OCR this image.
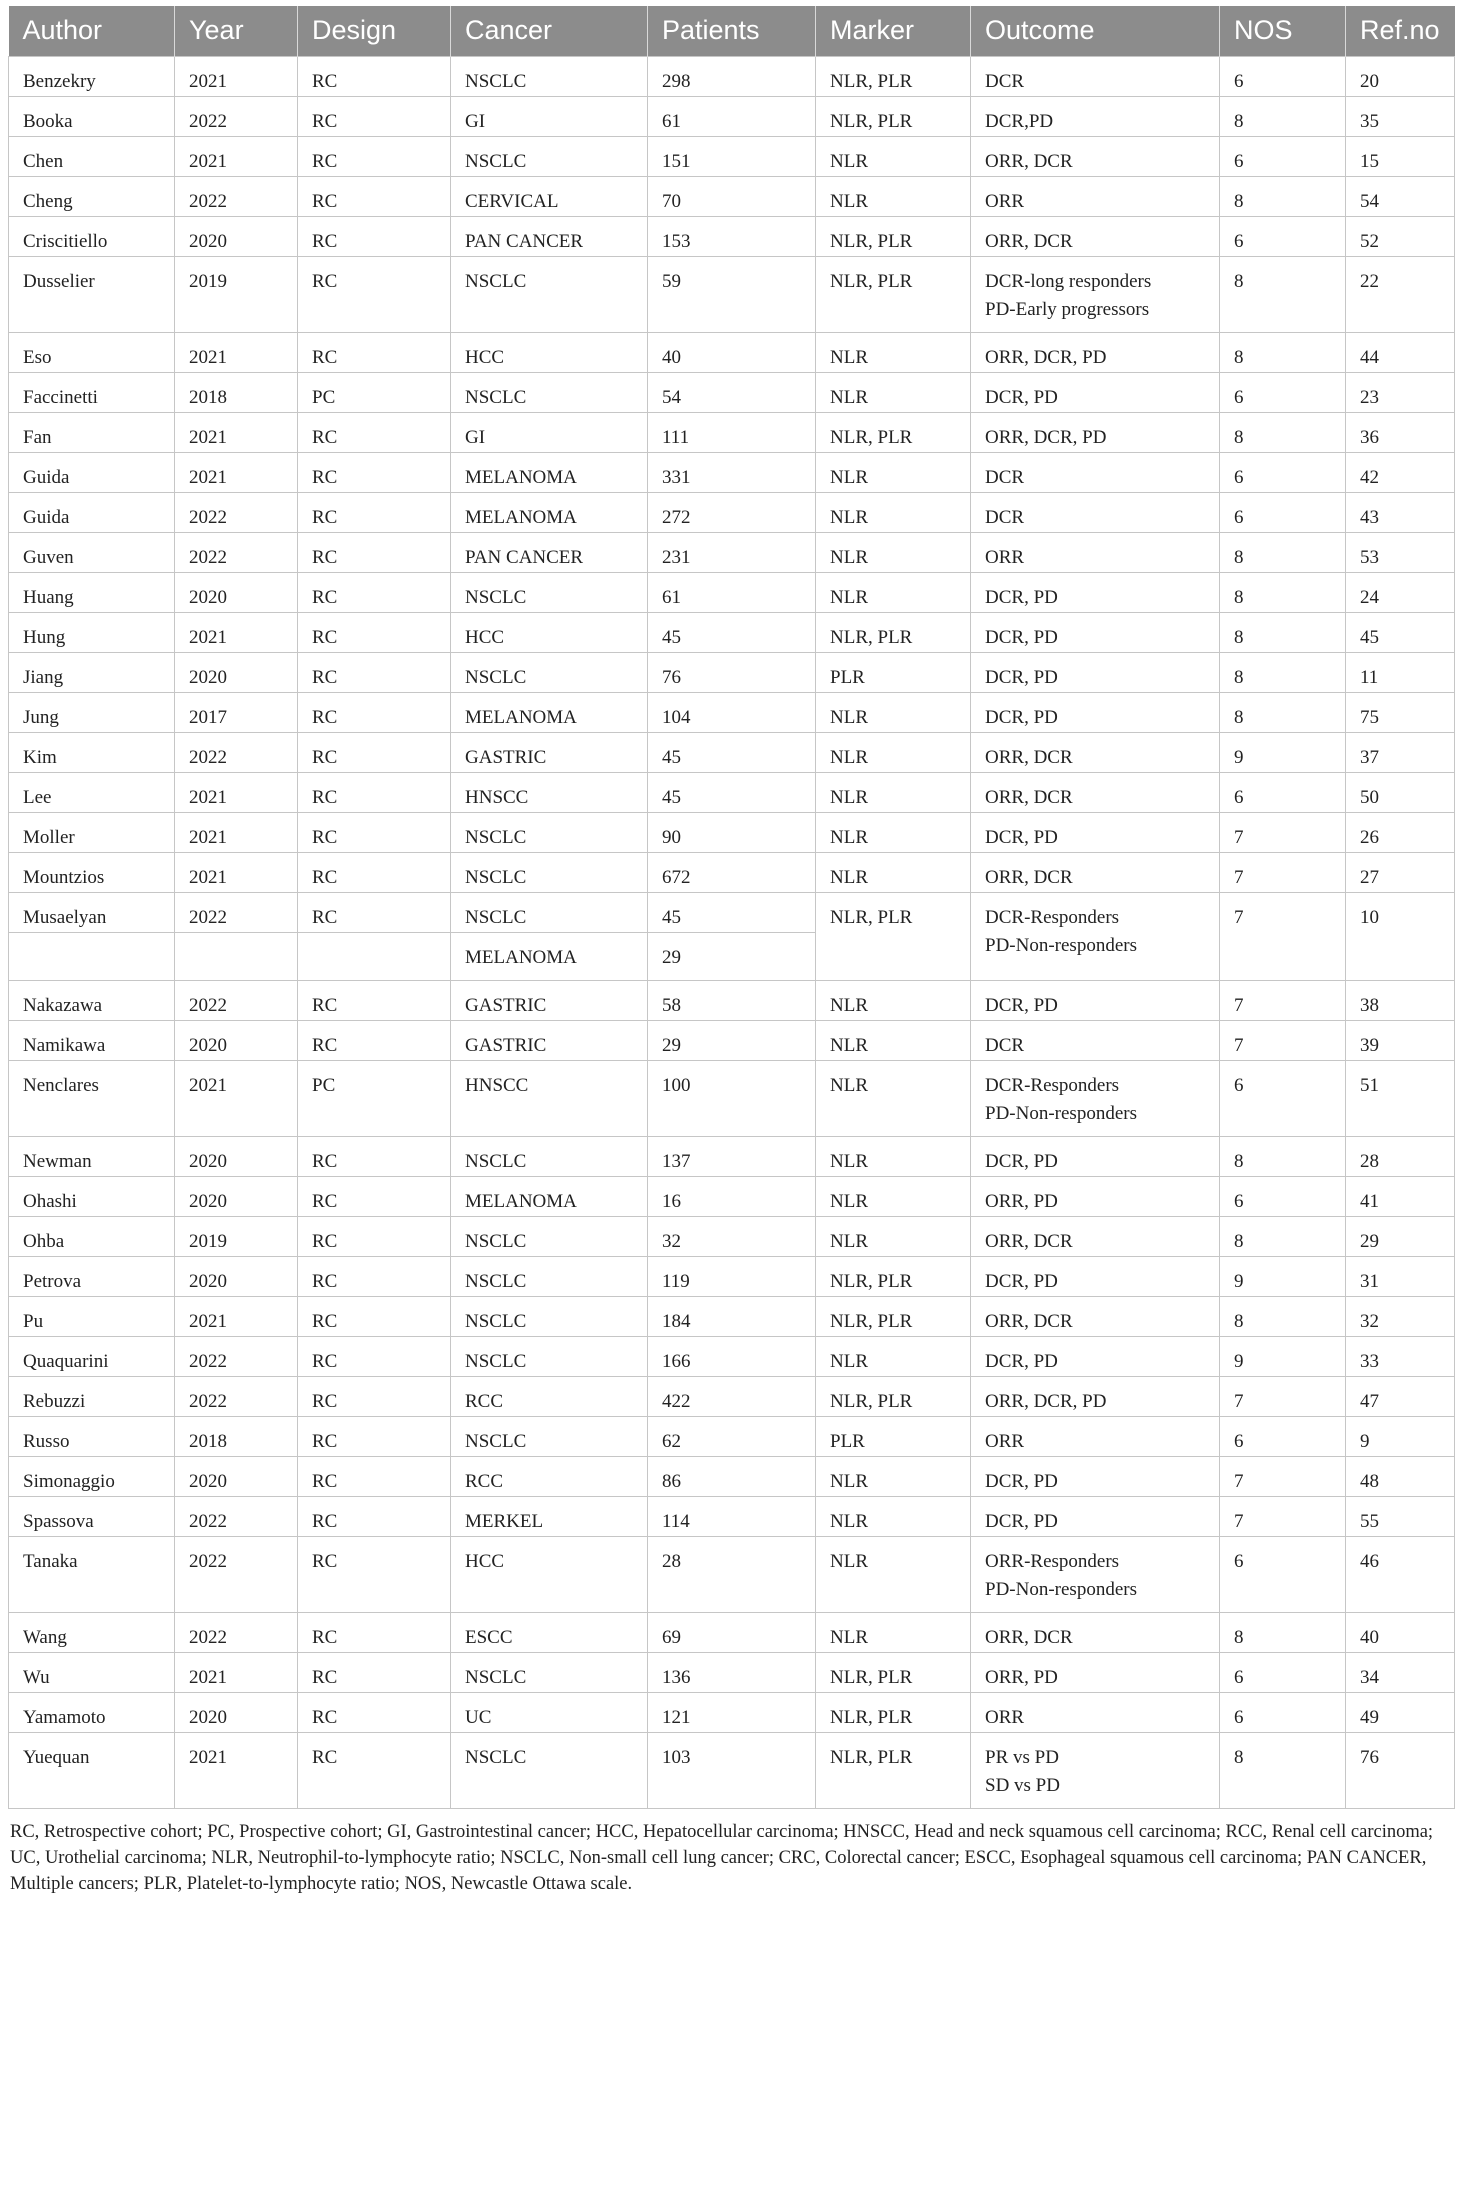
Author	Year	Design	Cancer	Patients	Marker	Outcome	NOS	Ref.no
Benzekry	2021	RC	NSCLC	298	NLR, PLR	DCR	6	20
Booka	2022	RC	GI	61	NLR, PLR	DCR,PD	8	35
Chen	2021	RC	NSCLC	151	NLR	ORR, DCR	6	15
Cheng	2022	RC	CERVICAL	70	NLR	ORR	8	54
Criscitiello	2020	RC	PAN CANCER	153	NLR, PLR	ORR, DCR	6	52
Dusselier	2019	RC	NSCLC	59	NLR, PLR	DCR-long responders
PD-Early progressors	8	22
Eso	2021	RC	HCC	40	NLR	ORR, DCR, PD	8	44
Faccinetti	2018	PC	NSCLC	54	NLR	DCR, PD	6	23
Fan	2021	RC	GI	111	NLR, PLR	ORR, DCR, PD	8	36
Guida	2021	RC	MELANOMA	331	NLR	DCR	6	42
Guida	2022	RC	MELANOMA	272	NLR	DCR	6	43
Guven	2022	RC	PAN CANCER	231	NLR	ORR	8	53
Huang	2020	RC	NSCLC	61	NLR	DCR, PD	8	24
Hung	2021	RC	HCC	45	NLR, PLR	DCR, PD	8	45
Jiang	2020	RC	NSCLC	76	PLR	DCR, PD	8	11
Jung	2017	RC	MELANOMA	104	NLR	DCR, PD	8	75
Kim	2022	RC	GASTRIC	45	NLR	ORR, DCR	9	37
Lee	2021	RC	HNSCC	45	NLR	ORR, DCR	6	50
Moller	2021	RC	NSCLC	90	NLR	DCR, PD	7	26
Mountzios	2021	RC	NSCLC	672	NLR	ORR, DCR	7	27
Musaelyan	2022	RC	NSCLC	45	NLR, PLR	DCR-Responders
PD-Non-responders	7	10
			MELANOMA	29				
Nakazawa	2022	RC	GASTRIC	58	NLR	DCR, PD	7	38
Namikawa	2020	RC	GASTRIC	29	NLR	DCR	7	39
Nenclares	2021	PC	HNSCC	100	NLR	DCR-Responders
PD-Non-responders	6	51
Newman	2020	RC	NSCLC	137	NLR	DCR, PD	8	28
Ohashi	2020	RC	MELANOMA	16	NLR	ORR, PD	6	41
Ohba	2019	RC	NSCLC	32	NLR	ORR, DCR	8	29
Petrova	2020	RC	NSCLC	119	NLR, PLR	DCR, PD	9	31
Pu	2021	RC	NSCLC	184	NLR, PLR	ORR, DCR	8	32
Quaquarini	2022	RC	NSCLC	166	NLR	DCR, PD	9	33
Rebuzzi	2022	RC	RCC	422	NLR, PLR	ORR, DCR, PD	7	47
Russo	2018	RC	NSCLC	62	PLR	ORR	6	9
Simonaggio	2020	RC	RCC	86	NLR	DCR, PD	7	48
Spassova	2022	RC	MERKEL	114	NLR	DCR, PD	7	55
Tanaka	2022	RC	HCC	28	NLR	ORR-Responders
PD-Non-responders	6	46
Wang	2022	RC	ESCC	69	NLR	ORR, DCR	8	40
Wu	2021	RC	NSCLC	136	NLR, PLR	ORR, PD	6	34
Yamamoto	2020	RC	UC	121	NLR, PLR	ORR	6	49
Yuequan	2021	RC	NSCLC	103	NLR, PLR	PR vs PD
SD vs PD	8	76
RC, Retrospective cohort; PC, Prospective cohort; GI, Gastrointestinal cancer; HCC, Hepatocellular carcinoma; HNSCC, Head and neck squamous cell carcinoma; RCC, Renal cell carcinoma; UC, Urothelial carcinoma; NLR, Neutrophil-to-lymphocyte ratio; NSCLC, Non-small cell lung cancer; CRC, Colorectal cancer; ESCC, Esophageal squamous cell carcinoma; PAN CANCER, Multiple cancers; PLR, Platelet-to-lymphocyte ratio; NOS, Newcastle Ottawa scale.
